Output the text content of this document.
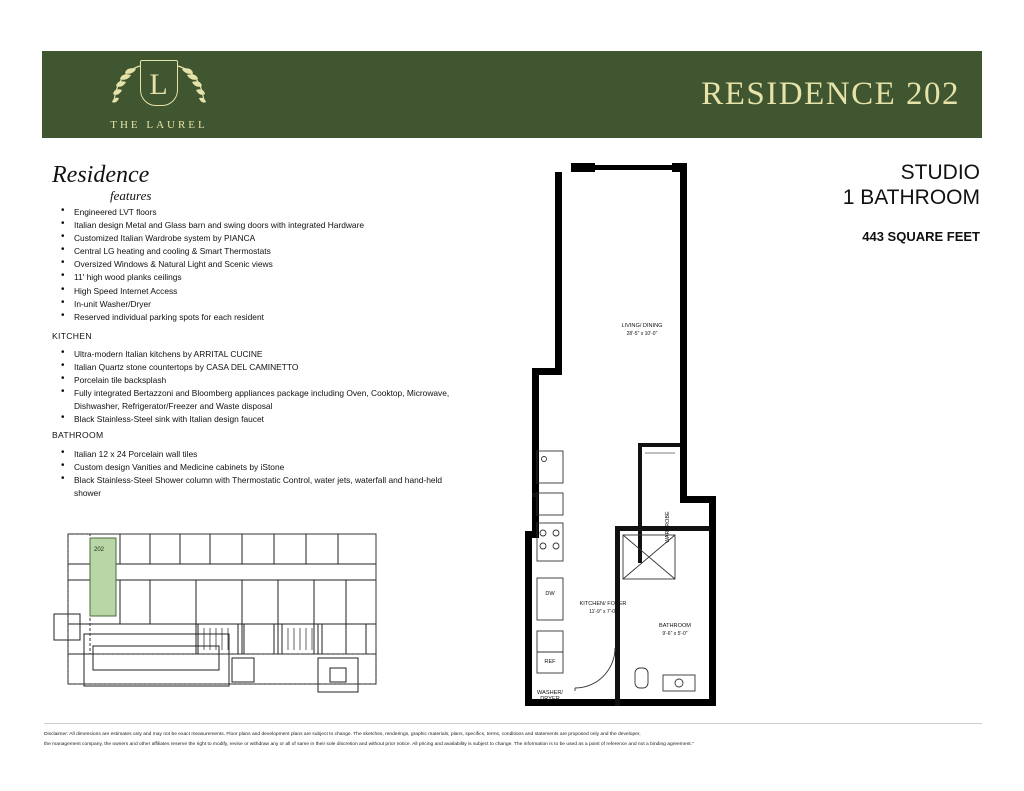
L
THE LAUREL
RESIDENCE 202
Residence
features
• Engineered LVT floors
• Italian design Metal and Glass barn and swing doors with integrated Hardware
• Customized Italian Wardrobe system by PIANCA
• Central LG heating and cooling & Smart Thermostats
• Oversized Windows & Natural Light and Scenic views
• 11' high wood planks ceilings
• High Speed Internet Access
• In-unit Washer/Dryer
• Reserved individual parking spots for each resident
KITCHEN
• Ultra-modern Italian kitchens by ARRITAL CUCINE
• Italian Quartz stone countertops by CASA DEL CAMINETTO
• Porcelain tile backsplash
• Fully integrated Bertazzoni and Bloomberg appliances package including Oven, Cooktop, Microwave, Dishwasher, Refrigerator/Freezer and Waste disposal
• Black Stainless-Steel sink with Italian design faucet
BATHROOM
• Italian 12 x 24 Porcelain wall tiles
• Custom design Vanities and Medicine cabinets by iStone
• Black Stainless-Steel Shower column with Thermostatic Control, water jets, waterfall and hand-held shower
STUDIO
1 BATHROOM
443 SQUARE FEET
LIVING/ DINING
28'-5" x 10'-0"
KITCHEN/ FOYER
11'-9" x 7'-0"
BATHROOM
9'-6" x 5'-0"
WARDROBE
DW
REF
WASHER/ DRYER
202
Disclaimer: All dimensions are estimates only and may not be exact measurements. Floor plans and development plans are subject to change. The sketches, renderings, graphic materials, plans, specifics, terms, conditions and statements are proposed only and the developer,
the management company, the owners and other affiliates reserve the right to modify, revise or withdraw any or all of same in their sole discretion and without prior notice. All pricing and availability is subject to change. The information is to be used as a point of reference and not a binding agreement."
